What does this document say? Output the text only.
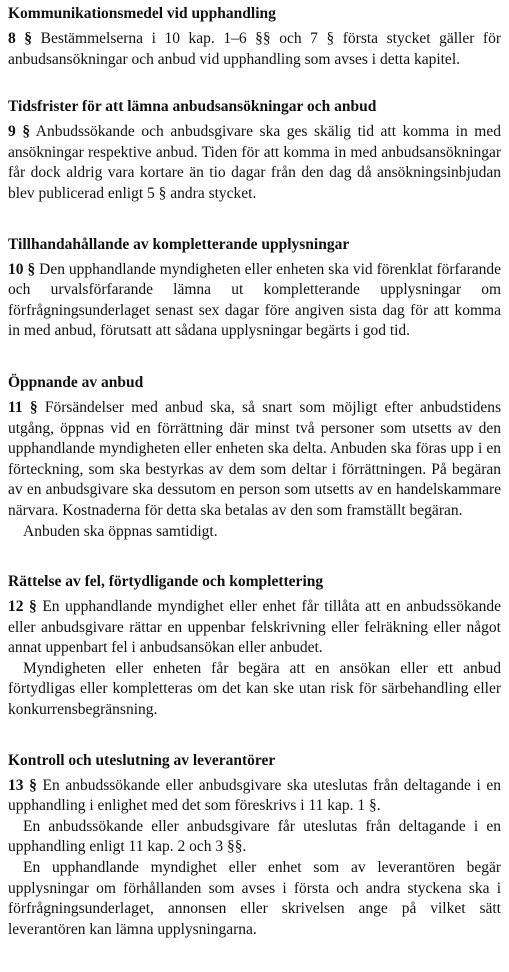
Kommunikationsmedel vid upphandling

8 § Bestämmelserna i 10 kap. 1–6 §§ och 7 § första stycket gäller för anbudsansökningar och anbud vid upphandling som avses i detta kapitel.

Tidsfrister för att lämna anbudsansökningar och anbud

9 § Anbudssökande och anbudsgivare ska ges skälig tid att komma in med ansökningar respektive anbud. Tiden för att komma in med anbudsansökningar får dock aldrig vara kortare än tio dagar från den dag då ansökningsinbjudan blev publicerad enligt 5 § andra stycket.

Tillhandahållande av kompletterande upplysningar

10 § Den upphandlande myndigheten eller enheten ska vid förenklat förfarande och urvalsförfarande lämna ut kompletterande upplysningar om förfrågningsunderlaget senast sex dagar före angiven sista dag för att komma in med anbud, förutsatt att sådana upplysningar begärts i god tid.

Öppnande av anbud

11 § Försändelser med anbud ska, så snart som möjligt efter anbudstidens utgång, öppnas vid en förrättning där minst två personer som utsetts av den upphandlande myndigheten eller enheten ska delta. Anbuden ska föras upp i en förteckning, som ska bestyrkas av dem som deltar i förrättningen. På begäran av en anbudsgivare ska dessutom en person som utsetts av en handelskammare närvara. Kostnaderna för detta ska betalas av den som framställt begäran.

Anbuden ska öppnas samtidigt.

Rättelse av fel, förtydligande och komplettering

12 § En upphandlande myndighet eller enhet får tillåta att en anbudssökande eller anbudsgivare rättar en uppenbar felskrivning eller felräkning eller något annat uppenbart fel i anbudsansökan eller anbudet.

Myndigheten eller enheten får begära att en ansökan eller ett anbud förtydligas eller kompletteras om det kan ske utan risk för särbehandling eller konkurrensbegränsning.

Kontroll och uteslutning av leverantörer

13 § En anbudssökande eller anbudsgivare ska uteslutas från deltagande i en upphandling i enlighet med det som föreskrivs i 11 kap. 1 §.

En anbudssökande eller anbudsgivare får uteslutas från deltagande i en upphandling enligt 11 kap. 2 och 3 §§.

En upphandlande myndighet eller enhet som av leverantören begär upplysningar om förhållanden som avses i första och andra styckena ska i förfrågningsunderlaget, annonsen eller skrivelsen ange på vilket sätt leverantören kan lämna upplysningarna.
